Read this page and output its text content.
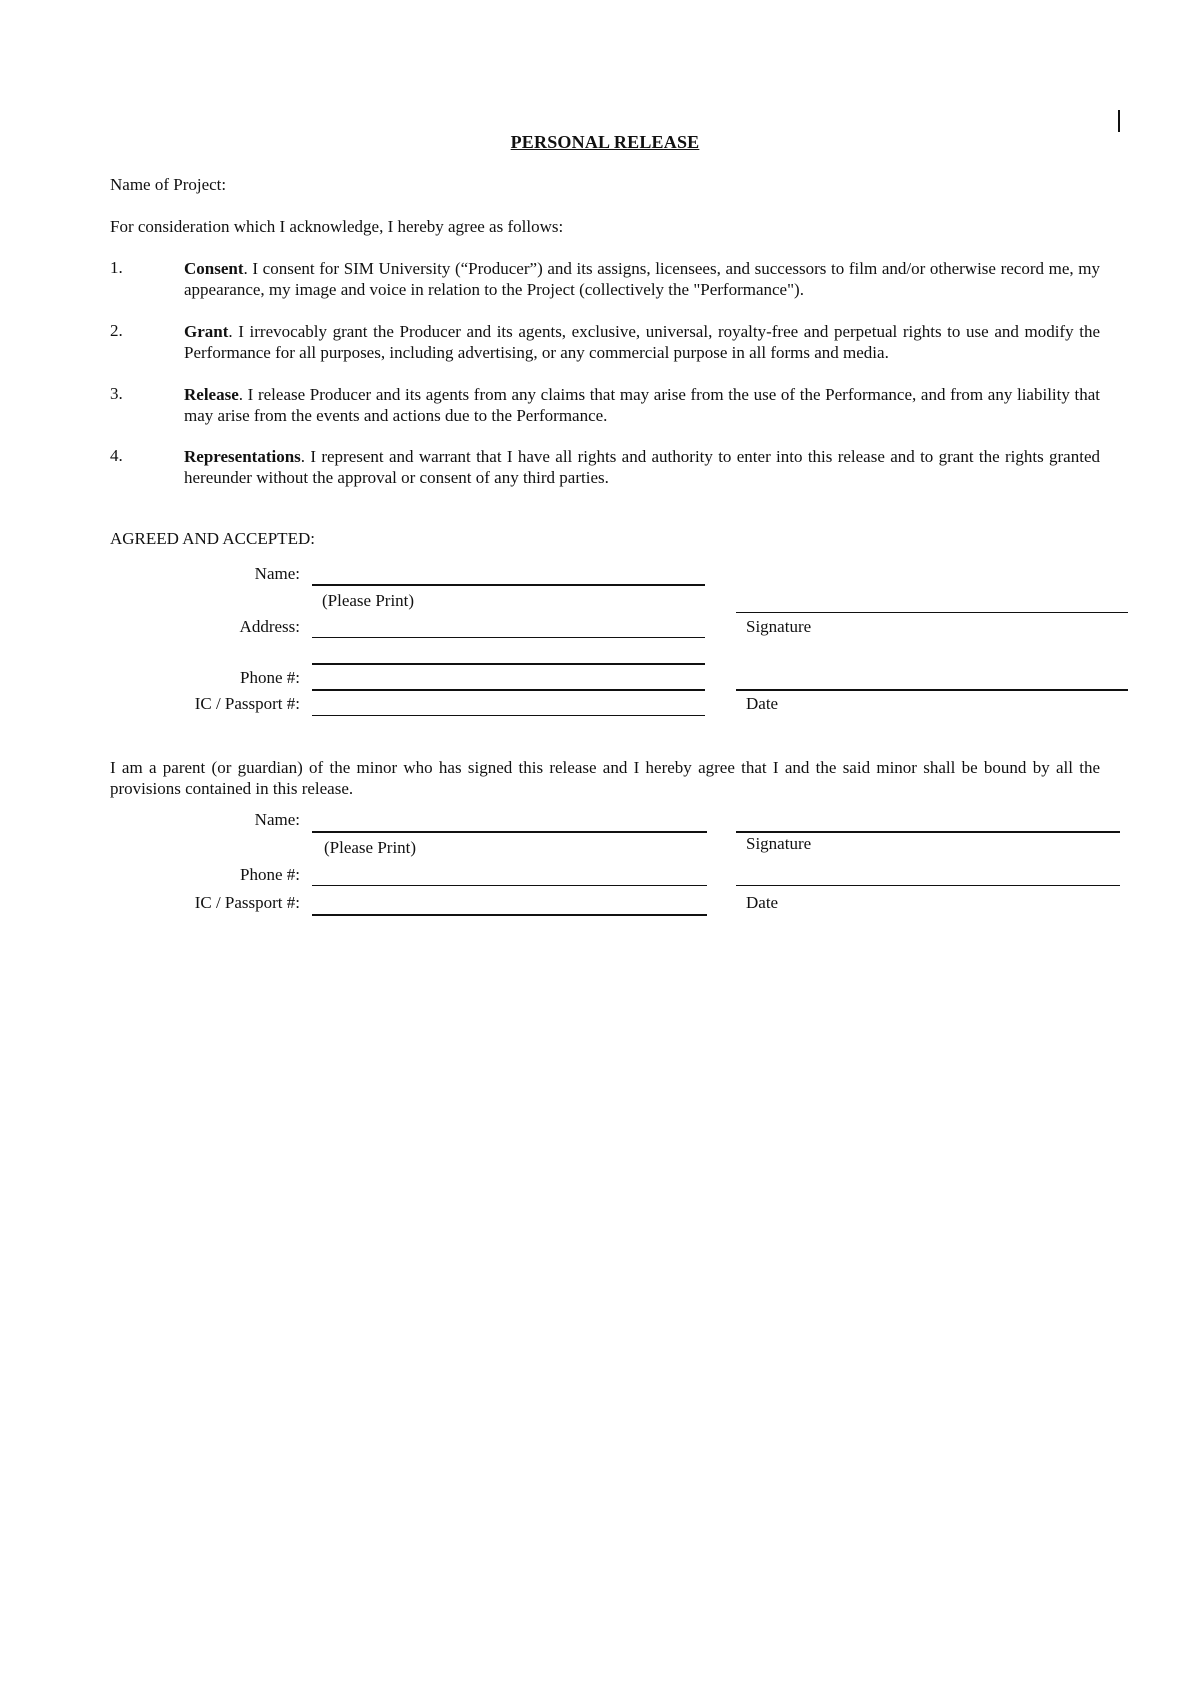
PERSONAL RELEASE
Name of Project:
For consideration which I acknowledge, I hereby agree as follows:
1.	Consent. I consent for SIM University (“Producer”) and its assigns, licensees, and successors to film and/or otherwise record me, my appearance, my image and voice in relation to the Project (collectively the "Performance").
2.	Grant. I irrevocably grant the Producer and its agents, exclusive, universal, royalty-free and perpetual rights to use and modify the Performance for all purposes, including advertising, or any commercial purpose in all forms and media.
3.	Release. I release Producer and its agents from any claims that may arise from the use of the Performance, and from any liability that may arise from the events and actions due to the Performance.
4.	Representations. I represent and warrant that I have all rights and authority to enter into this release and to grant the rights granted hereunder without the approval or consent of any third parties.
AGREED AND ACCEPTED:
Name:
(Please Print)
Address:	Signature
Phone #:
IC / Passport #:	Date
I am a parent (or guardian) of the minor who has signed this release and I hereby agree that I and the said minor shall be bound by all the provisions contained in this release.
Name:
(Please Print)	Signature
Phone #:
IC / Passport #:	Date
